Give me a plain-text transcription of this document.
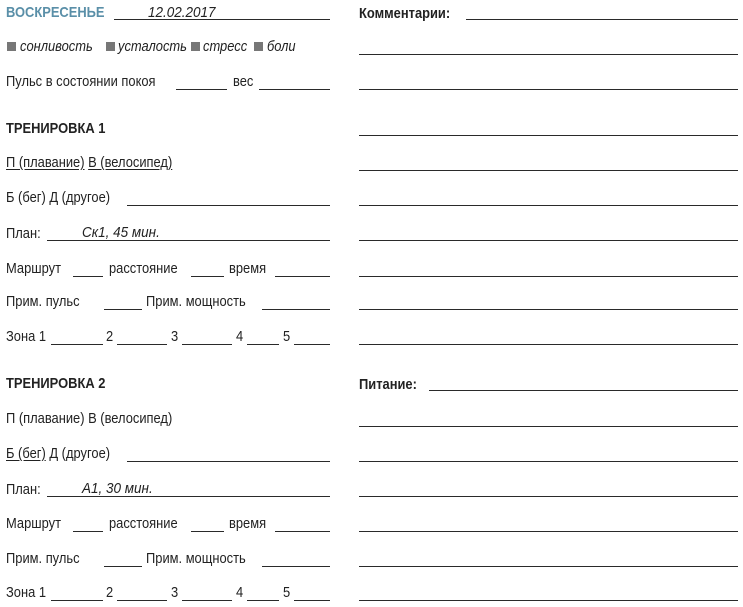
ВОСКРЕСЕНЬЕ	12.02.2017	Комментарии:
сонливость усталость стресс боли
Пульс в состоянии покоя	вес
ТРЕНИРОВКА 1
П (плавание) В (велосипед)
Б (бег) Д (другое)
План:	Ск1, 45 мин.
Маршрут	расстояние	время
Прим. пульс	Прим. мощность
Зона 1	2	3	4	5
ТРЕНИРОВКА 2
П (плавание) В (велосипед)
Б (бег) Д (другое)
План:	А1, 30 мин.
Маршрут	расстояние	время
Прим. пульс	Прим. мощность
Зона 1	2	3	4	5
Питание:
